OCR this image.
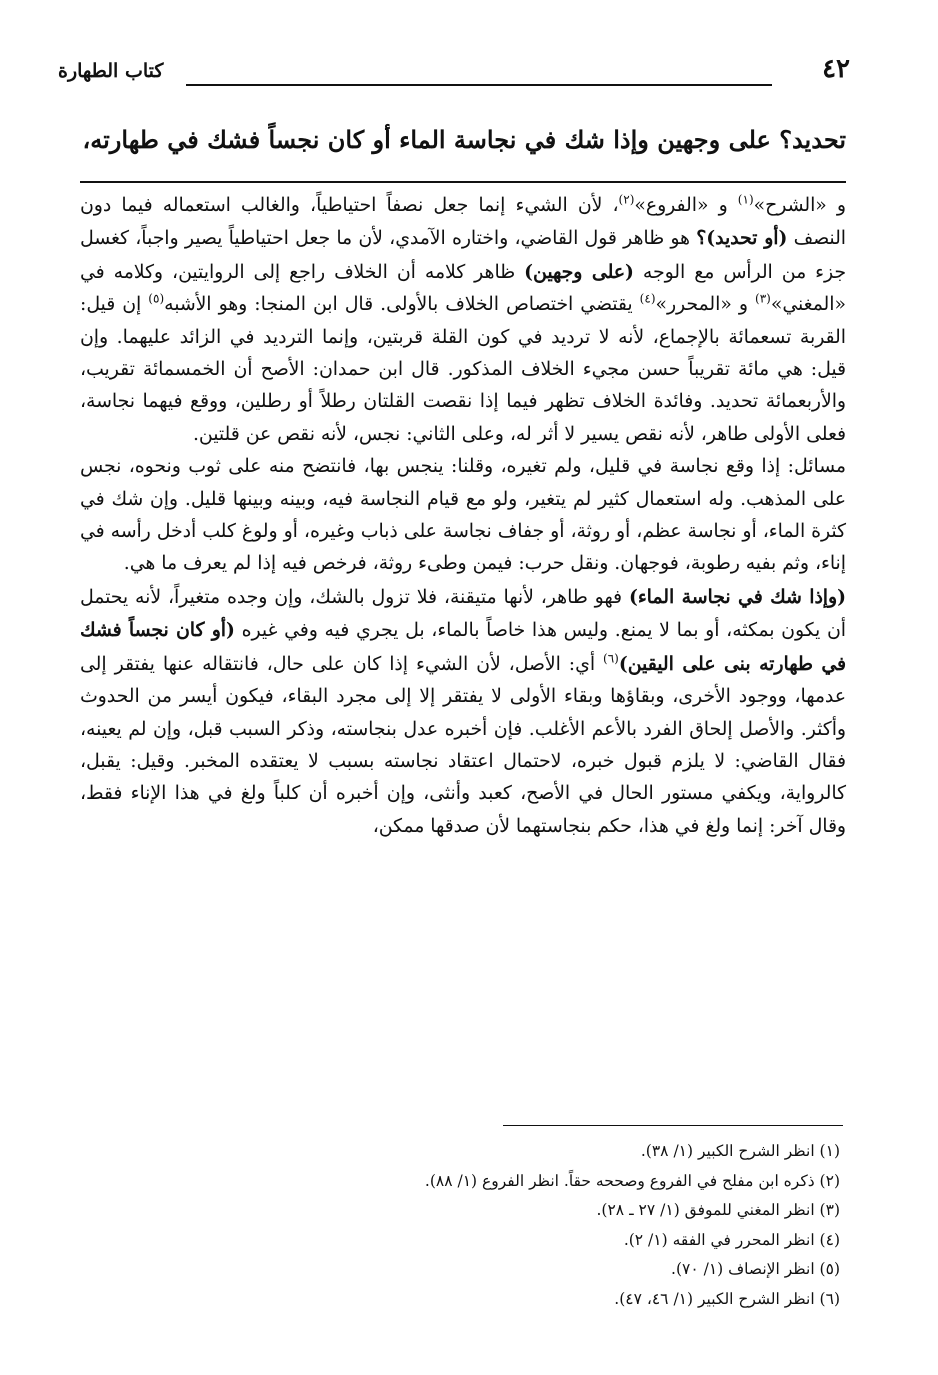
٤٢
كتاب الطهارة

تحديد؟ على وجهين وإذا شك في نجاسة الماء أو كان نجساً فشك في طهارته،

و «الشرح»$^{(١)}$ و «الفروع»$^{(٢)}$، لأن الشيء إنما جعل نصفاً احتياطياً، والغالب استعماله فيما دون النصف (أو تحديد)؟ هو ظاهر قول القاضي، واختاره الآمدي، لأن ما جعل احتياطياً يصير واجباً، كغسل جزء من الرأس مع الوجه (على وجهين) ظاهر كلامه أن الخلاف راجع إلى الروايتين، وكلامه في «المغني»$^{(٣)}$ و «المحرر»$^{(٤)}$ يقتضي اختصاص الخلاف بالأولى. قال ابن المنجا: وهو الأشبه$^{(٥)}$ إن قيل: القربة تسعمائة بالإجماع، لأنه لا ترديد في كون القلة قربتين، وإنما الترديد في الزائد عليهما. وإن قيل: هي مائة تقريباً حسن مجيء الخلاف المذكور. قال ابن حمدان: الأصح أن الخمسمائة تقريب، والأربعمائة تحديد. وفائدة الخلاف تظهر فيما إذا نقصت القلتان رطلاً أو رطلين، ووقع فيهما نجاسة، فعلى الأولى طاهر، لأنه نقص يسير لا أثر له، وعلى الثاني: نجس، لأنه نقص عن قلتين.

مسائل: إذا وقع نجاسة في قليل، ولم تغيره، وقلنا: ينجس بها، فانتضح منه على ثوب ونحوه، نجس على المذهب. وله استعمال كثير لم يتغير، ولو مع قيام النجاسة فيه، وبينه وبينها قليل. وإن شك في كثرة الماء، أو نجاسة عظم، أو روثة، أو جفاف نجاسة على ذباب وغيره، أو ولوغ كلب أدخل رأسه في إناء، وثم بفيه رطوبة، فوجهان. ونقل حرب: فيمن وطىء روثة، فرخص فيه إذا لم يعرف ما هي.

(وإذا شك في نجاسة الماء) فهو طاهر، لأنها متيقنة، فلا تزول بالشك، وإن وجده متغيراً، لأنه يحتمل أن يكون بمكثه، أو بما لا يمنع. وليس هذا خاصاً بالماء، بل يجري فيه وفي غيره (أو كان نجساً فشك في طهارته بنى على اليقين)$^{(٦)}$ أي: الأصل، لأن الشيء إذا كان على حال، فانتقاله عنها يفتقر إلى عدمها، ووجود الأخرى، وبقاؤها وبقاء الأولى لا يفتقر إلا إلى مجرد البقاء، فيكون أيسر من الحدوث وأكثر. والأصل إلحاق الفرد بالأعم الأغلب. فإن أخبره عدل بنجاسته، وذكر السبب قبل، وإن لم يعينه، فقال القاضي: لا يلزم قبول خبره، لاحتمال اعتقاد نجاسته بسبب لا يعتقده المخبر. وقيل: يقبل، كالرواية، ويكفي مستور الحال في الأصح، كعبد وأنثى، وإن أخبره أن كلباً ولغ في هذا الإناء فقط، وقال آخر: إنما ولغ في هذا، حكم بنجاستهما لأن صدقها ممكن،

(١) انظر الشرح الكبير (١/ ٣٨).
(٢) ذكره ابن مفلح في الفروع وصححه حقاً. انظر الفروع (١/ ٨٨).
(٣) انظر المغني للموفق (١/ ٢٧ ـ ٢٨).
(٤) انظر المحرر في الفقه (١/ ٢).
(٥) انظر الإنصاف (١/ ٧٠).
(٦) انظر الشرح الكبير (١/ ٤٦، ٤٧).
